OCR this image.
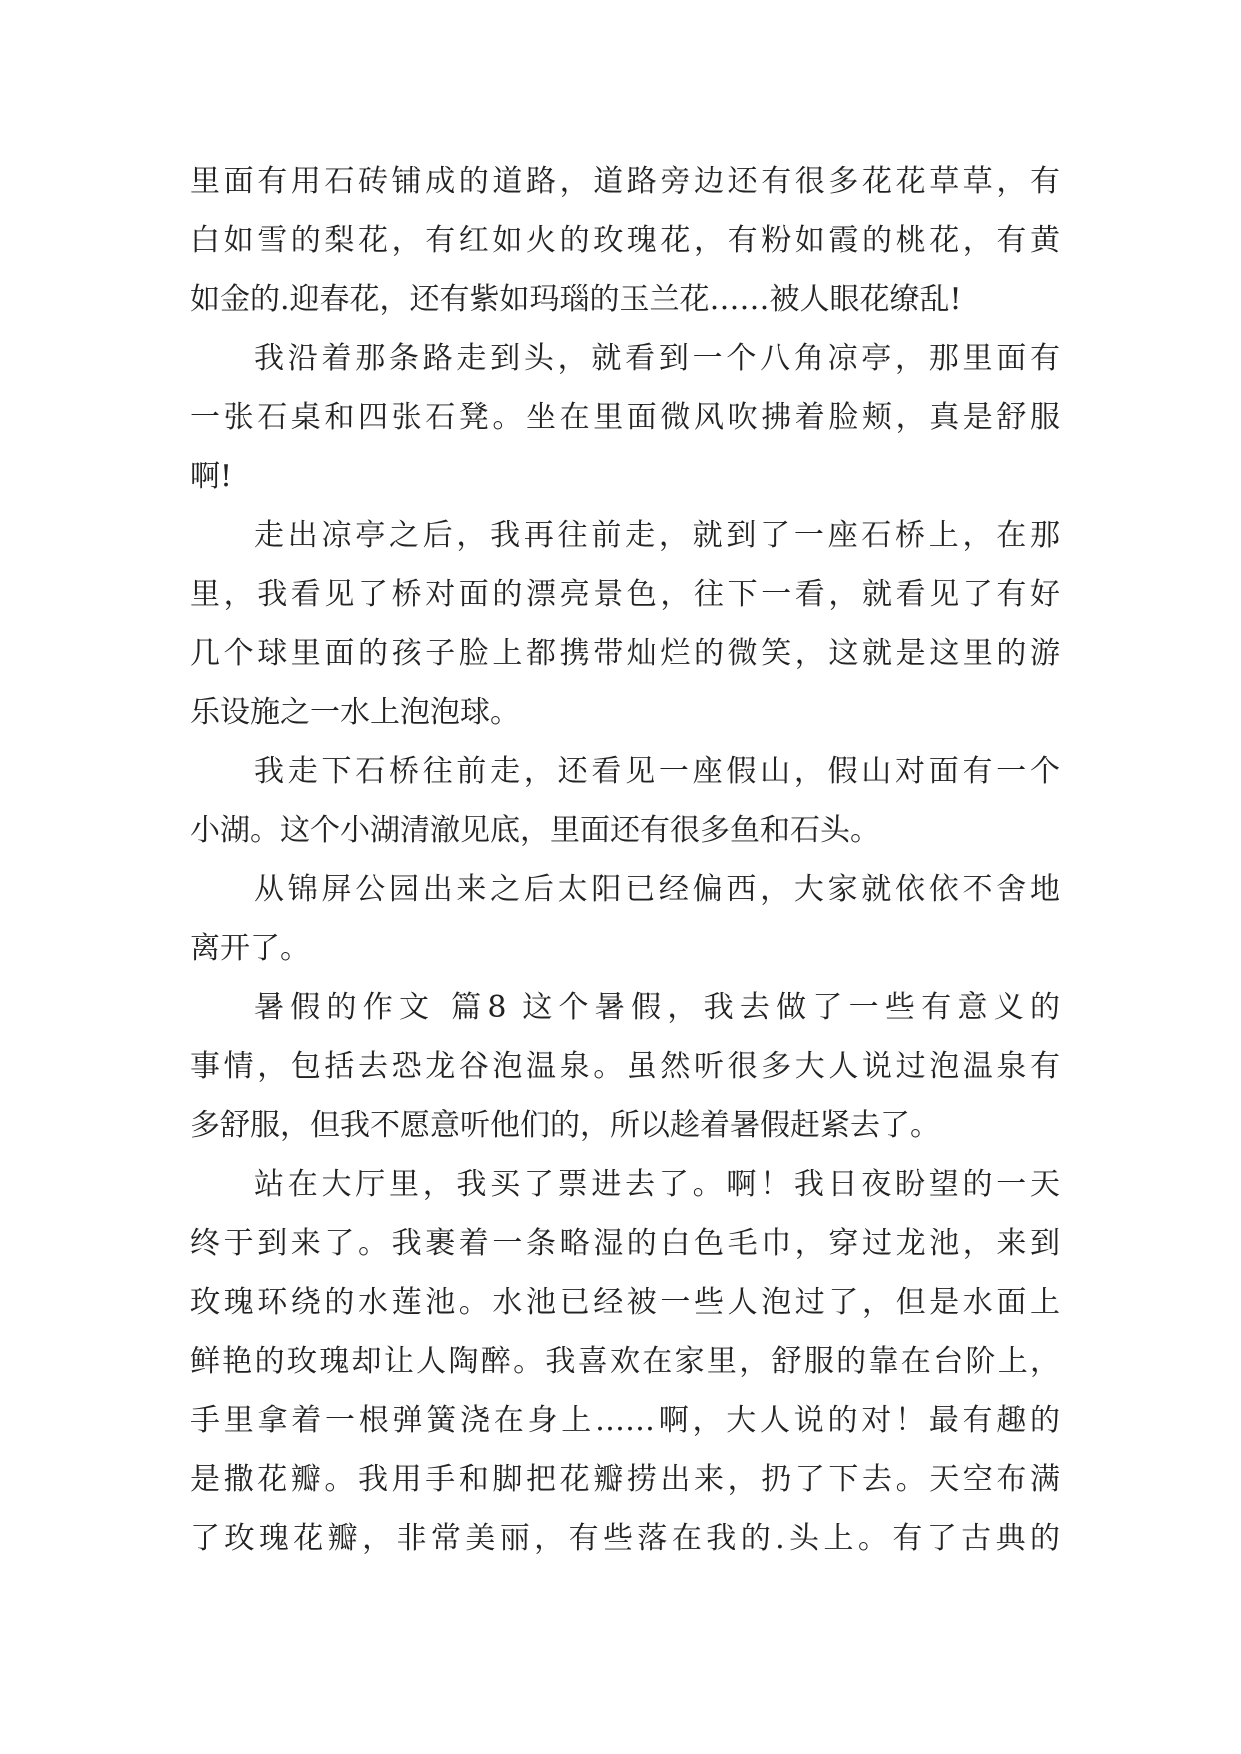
里面有用石砖铺成的道路，道路旁边还有很多花花草草，有
白如雪的梨花，有红如火的玫瑰花，有粉如霞的桃花，有黄
如金的.迎春花，还有紫如玛瑙的玉兰花……被人眼花缭乱!
我沿着那条路走到头，就看到一个八角凉亭，那里面有
一张石桌和四张石凳。坐在里面微风吹拂着脸颊，真是舒服
啊!
走出凉亭之后，我再往前走，就到了一座石桥上，在那
里，我看见了桥对面的漂亮景色，往下一看，就看见了有好
几个球里面的孩子脸上都携带灿烂的微笑，这就是这里的游
乐设施之一水上泡泡球。
我走下石桥往前走，还看见一座假山，假山对面有一个
小湖。这个小湖清澈见底，里面还有很多鱼和石头。
从锦屏公园出来之后太阳已经偏西，大家就依依不舍地
离开了。
暑假的作文 篇8 这个暑假，我去做了一些有意义的
事情，包括去恐龙谷泡温泉。虽然听很多大人说过泡温泉有
多舒服，但我不愿意听他们的，所以趁着暑假赶紧去了。
站在大厅里，我买了票进去了。啊！我日夜盼望的一天
终于到来了。我裹着一条略湿的白色毛巾，穿过龙池，来到
玫瑰环绕的水莲池。水池已经被一些人泡过了，但是水面上
鲜艳的玫瑰却让人陶醉。我喜欢在家里，舒服的靠在台阶上，
手里拿着一根弹簧浇在身上……啊，大人说的对！最有趣的
是撒花瓣。我用手和脚把花瓣捞出来，扔了下去。天空布满
了玫瑰花瓣，非常美丽，有些落在我的.头上。有了古典的
